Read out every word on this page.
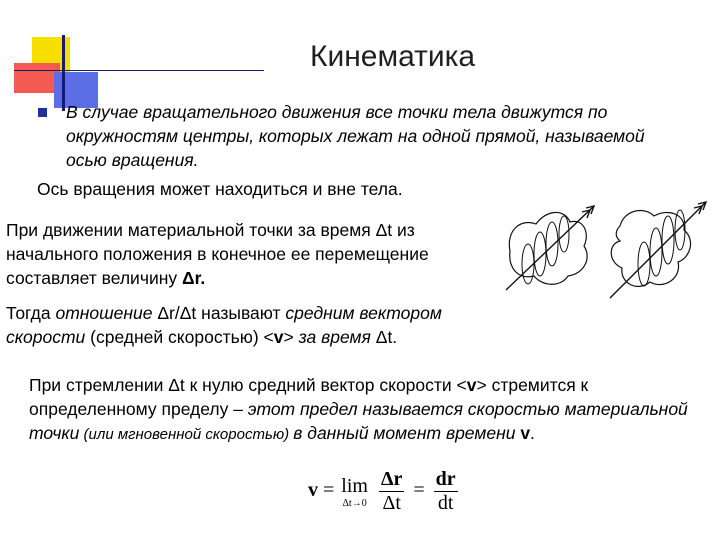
Кинематика
В случае вращательного движения все точки тела движутся по окружностям центры, которых лежат на одной прямой, называемой осью вращения.
Ось вращения может находиться и вне тела.
При движении материальной точки за время Δt из начального положения в конечное ее перемещение составляет величину Δr.
Тогда отношение Δr/Δt называют средним вектором скорости (средней скоростью) <v> за время Δt.
При стремлении Δt к нулю средний вектор скорости <v> стремится к определенному пределу – этот предел называется скоростью материальной точки (или мгновенной скоростью) в данный момент времени v.
v = lim
Δt→0
$\frac{\Delta r}{\Delta t} = \frac{dr}{dt}$
